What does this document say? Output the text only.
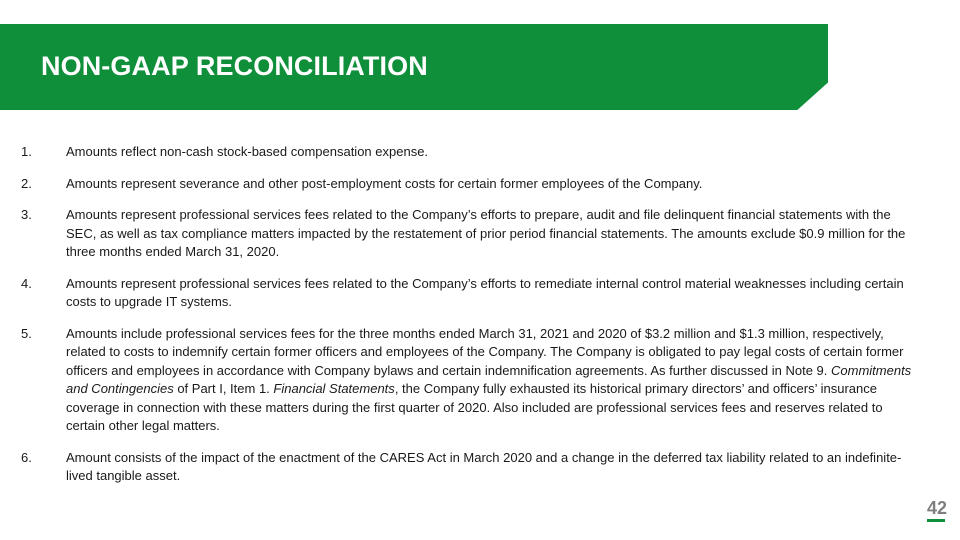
NON-GAAP RECONCILIATION
1.	Amounts reflect non-cash stock-based compensation expense.
2.	Amounts represent severance and other post-employment costs for certain former employees of the Company.
3.	Amounts represent professional services fees related to the Company’s efforts to prepare, audit and file delinquent financial statements with the SEC, as well as tax compliance matters impacted by the restatement of prior period financial statements. The amounts exclude $0.9 million for the three months ended March 31, 2020.
4.	Amounts represent professional services fees related to the Company’s efforts to remediate internal control material weaknesses including certain costs to upgrade IT systems.
5.	Amounts include professional services fees for the three months ended March 31, 2021 and 2020 of $3.2 million and $1.3 million, respectively, related to costs to indemnify certain former officers and employees of the Company. The Company is obligated to pay legal costs of certain former officers and employees in accordance with Company bylaws and certain indemnification agreements. As further discussed in Note 9. Commitments and Contingencies of Part I, Item 1. Financial Statements, the Company fully exhausted its historical primary directors’ and officers’ insurance coverage in connection with these matters during the first quarter of 2020. Also included are professional services fees and reserves related to certain other legal matters.
6.	Amount consists of the impact of the enactment of the CARES Act in March 2020 and a change in the deferred tax liability related to an indefinite-lived tangible asset.
42
